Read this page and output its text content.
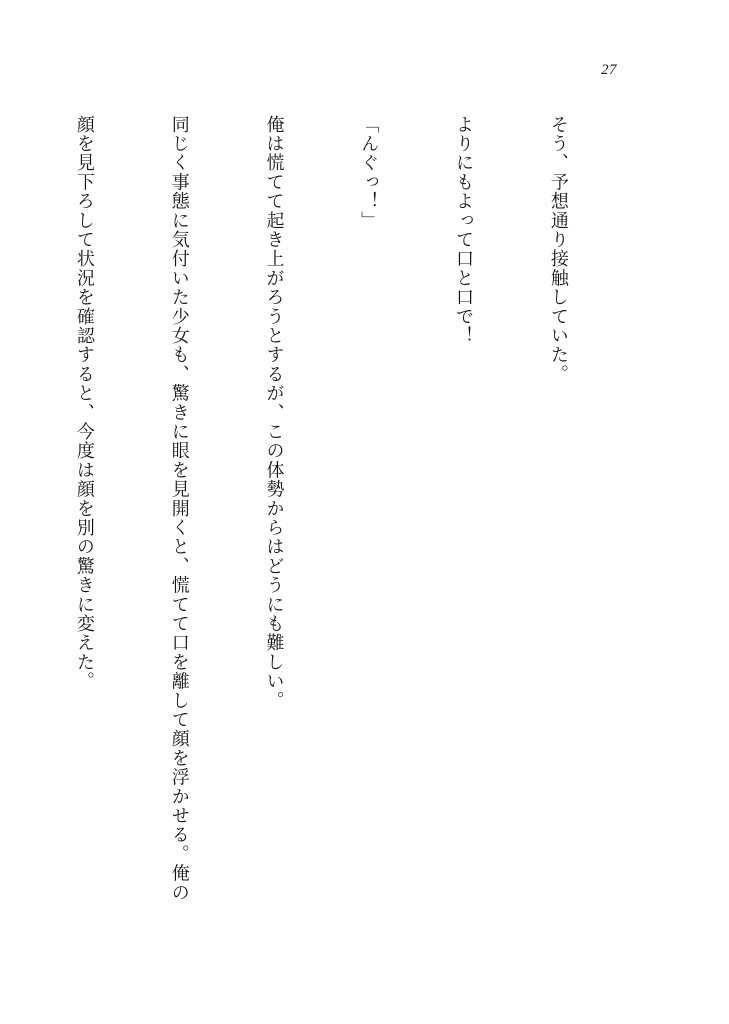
27

そう、予想通り接触していた。

よりにもよって口と口で！

「んぐっ！」

俺は慌てて起き上がろうとするが、この体勢からはどうにも難しい。

同じく事態に気付いた少女も、驚きに眼を見開くと、慌てて口を離して顔を浮かせる。俺の

顔を見下ろして状況を確認すると、今度は顔を別の驚きに変えた。
